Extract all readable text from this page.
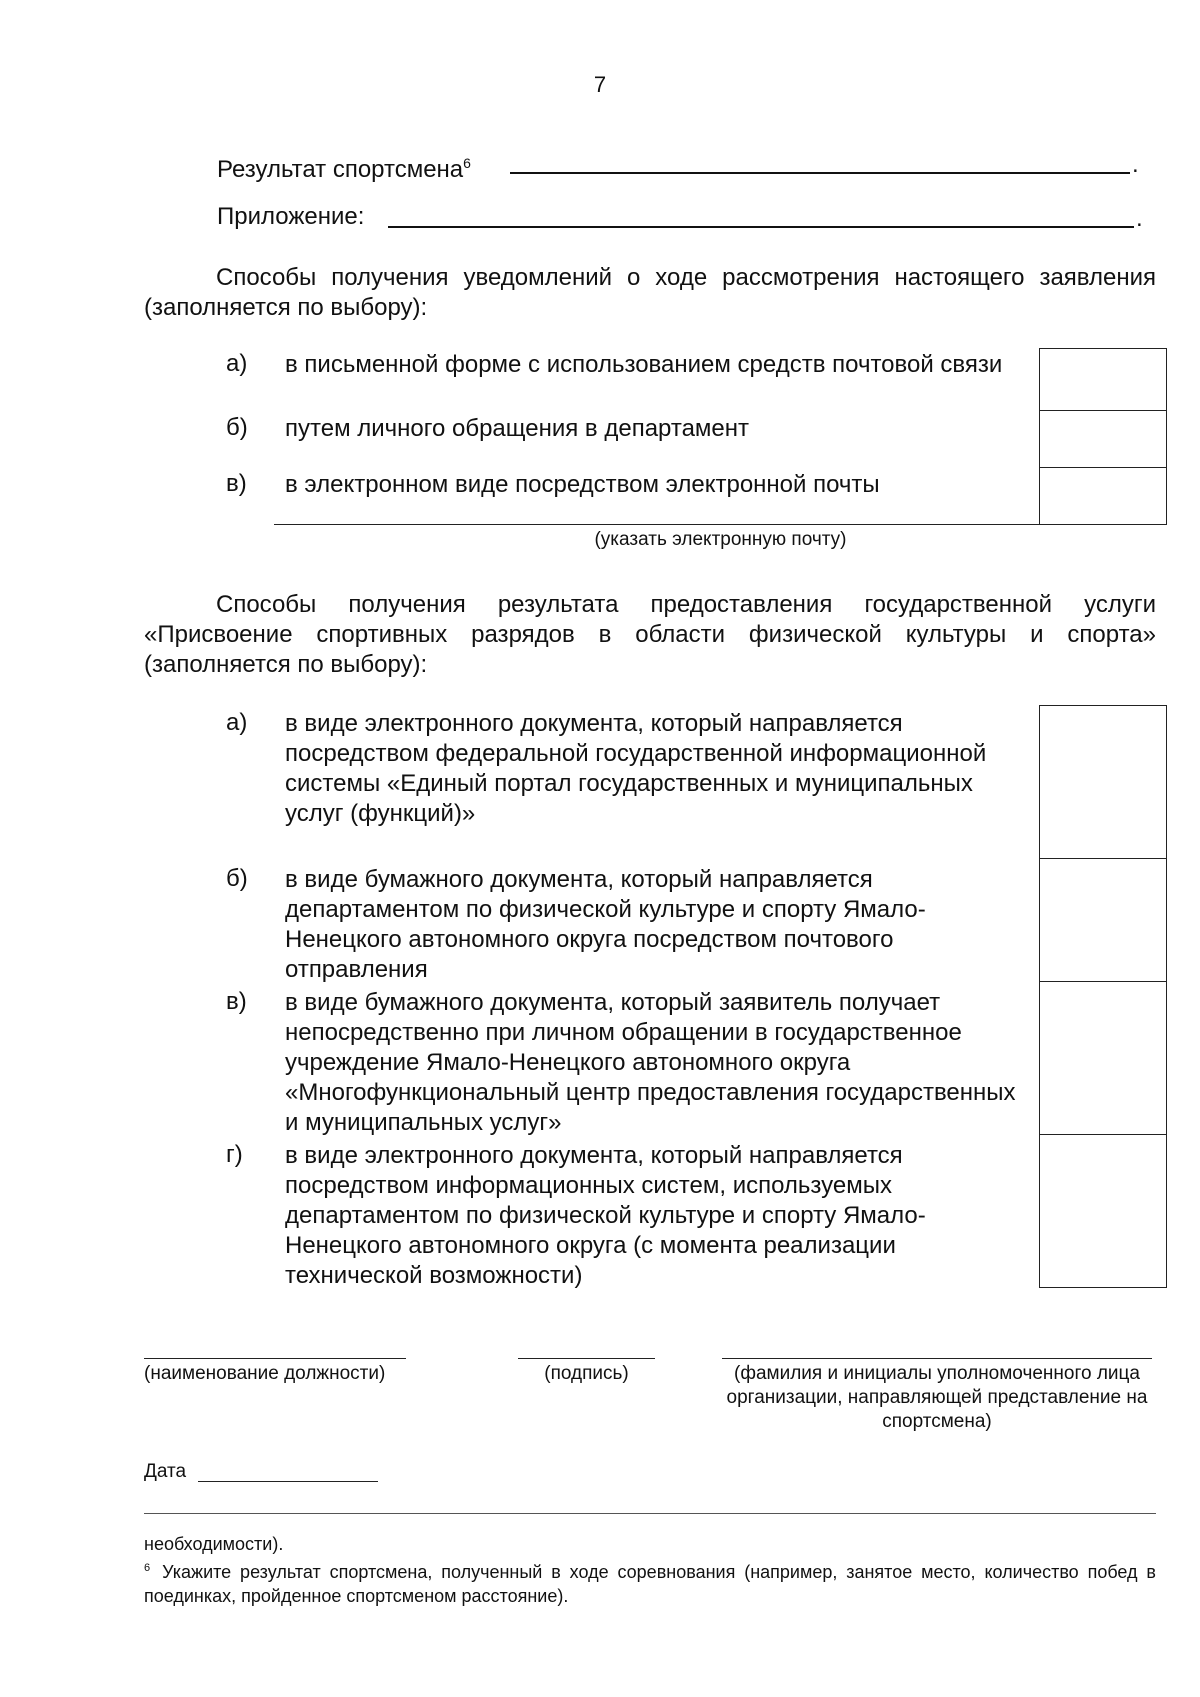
7
Результат спортсмена$^6$	.
Приложение:	.

Способы получения уведомлений о ходе рассмотрения настоящего заявления (заполняется по выбору):

а) в письменной форме с использованием средств почтовой связи
б) путем личного обращения в департамент
в) в электронном виде посредством электронной почты
(указать электронную почту)

Способы получения результата предоставления государственной услуги «Присвоение спортивных разрядов в области физической культуры и спорта» (заполняется по выбору):

а) в виде электронного документа, который направляется посредством федеральной государственной информационной системы «Единый портал государственных и муниципальных услуг (функций)»
б) в виде бумажного документа, который направляется департаментом по физической культуре и спорту Ямало-Ненецкого автономного округа посредством почтового отправления
в) в виде бумажного документа, который заявитель получает непосредственно при личном обращении в государственное учреждение Ямало-Ненецкого автономного округа «Многофункциональный центр предоставления государственных и муниципальных услуг»
г) в виде электронного документа, который направляется посредством информационных систем, используемых департаментом по физической культуре и спорту Ямало-Ненецкого автономного округа (с момента реализации технической возможности)
(наименование должности)	(подпись)	(фамилия и инициалы уполномоченного лица организации, направляющей представление на спортсмена)
Дата
необходимости).
$^6$ Укажите результат спортсмена, полученный в ходе соревнования (например, занятое место, количество побед в поединках, пройденное спортсменом расстояние).
